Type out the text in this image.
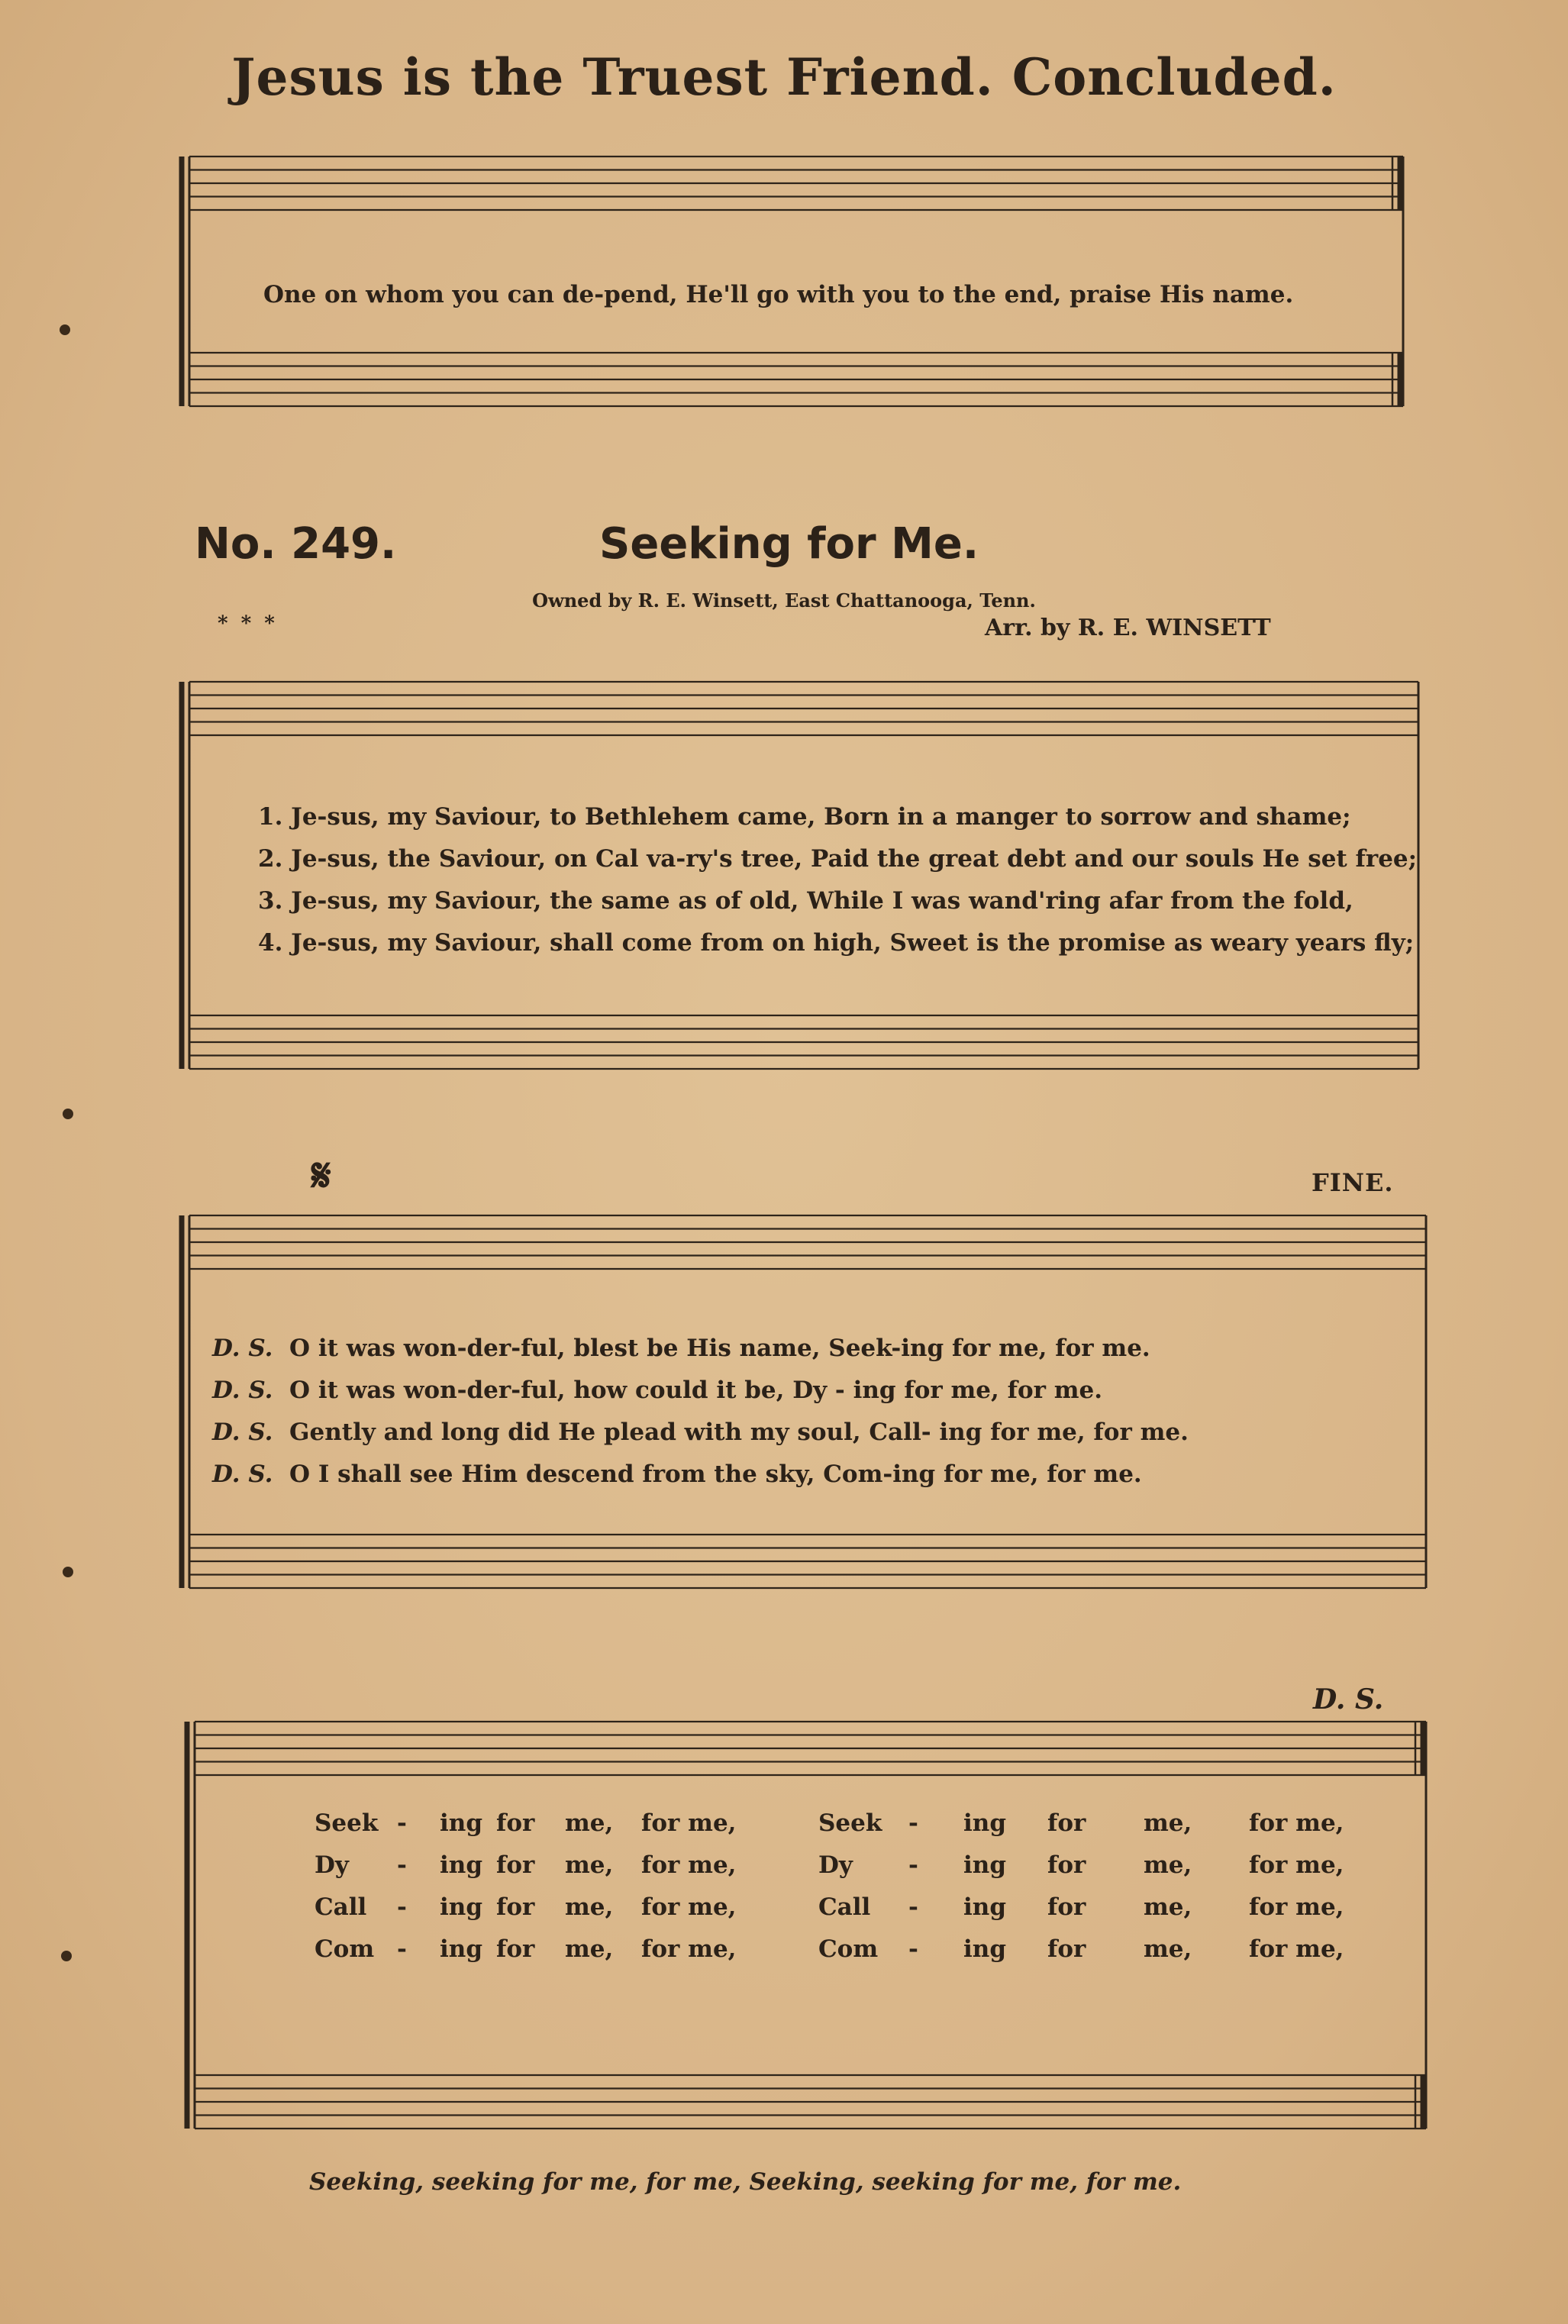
Jesus is the Truest Friend. Concluded.
One on whom you can de-pend, He'll go with you to the end, praise His name.
No. 249.	Seeking for Me.
Owned by R. E. Winsett, East Chattanooga, Tenn.
* * *	Arr. by R. E. WINSETT
1. Je-sus, my Saviour, to Bethlehem came, Born in a manger to sorrow and shame;
2. Je-sus, the Saviour, on Cal va-ry's tree, Paid the great debt and our souls He set free;
3. Je-sus, my Saviour, the same as of old, While I was wand'ring afar from the fold,
4. Je-sus, my Saviour, shall come from on high, Sweet is the promise as weary years fly;
𝄋	FINE.
D. S. O it was won-der-ful, blest be His name, Seek-ing for me, for me.
D. S. O it was won-der-ful, how could it be, Dy - ing for me, for me.
D. S. Gently and long did He plead with my soul, Call- ing for me, for me.
D. S. O I shall see Him descend from the sky, Com-ing for me, for me.
D. S.
Seek - ing for me, for me,	Seek - ing for me, for me,
Dy - ing for me, for me,	Dy - ing for me, for me,
Call - ing for me, for me,	Call - ing for me, for me,
Com - ing for me, for me,	Com - ing for me, for me,
Seeking, seeking for me, for me, Seeking, seeking for me, for me.
